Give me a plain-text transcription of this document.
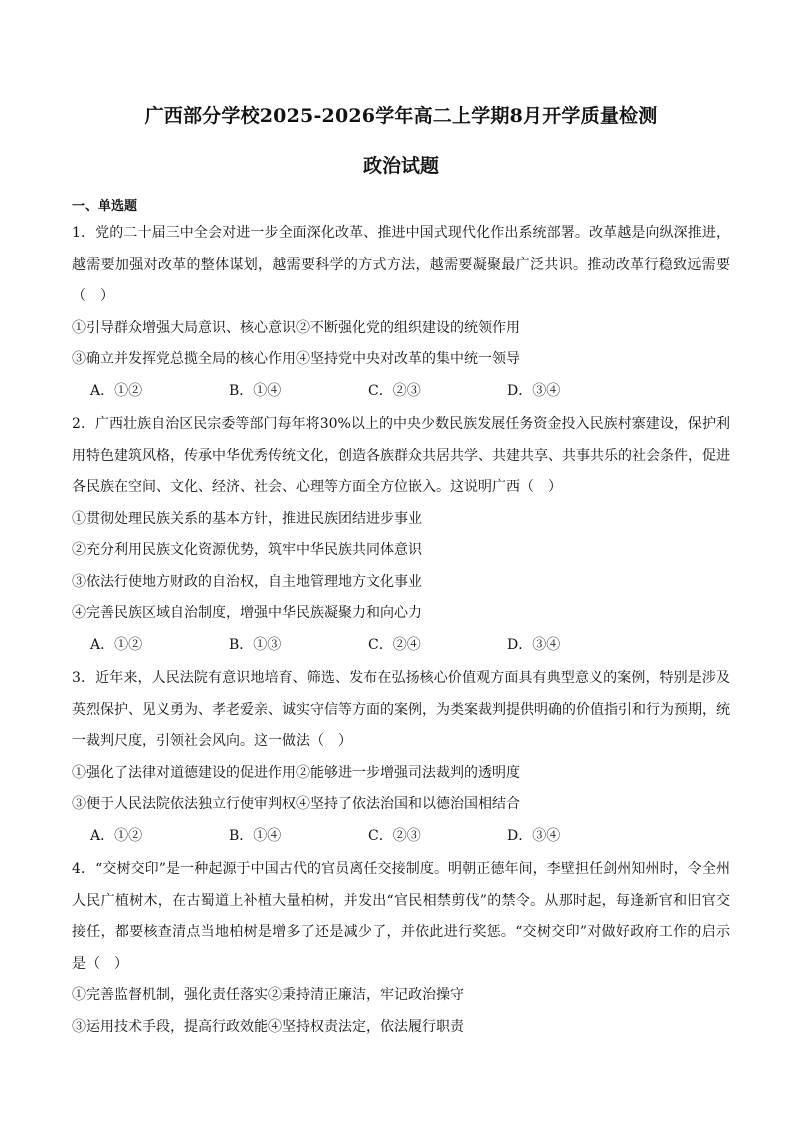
广西部分学校2025-2026学年高二上学期8月开学质量检测
政治试题
一、单选题
1．党的二十届三中全会对进一步全面深化改革、推进中国式现代化作出系统部署。改革越是向纵深推进，越需要加强对改革的整体谋划，越需要科学的方式方法，越需要凝聚最广泛共识。推动改革行稳致远需要（　）
①引导群众增强大局意识、核心意识②不断强化党的组织建设的统领作用
③确立并发挥党总揽全局的核心作用④坚持党中央对改革的集中统一领导
A．①②	B．①④	C．②③	D．③④
2．广西壮族自治区民宗委等部门每年将30%以上的中央少数民族发展任务资金投入民族村寨建设，保护利用特色建筑风格，传承中华优秀传统文化，创造各族群众共居共学、共建共享、共事共乐的社会条件，促进各民族在空间、文化、经济、社会、心理等方面全方位嵌入。这说明广西（　）
①贯彻处理民族关系的基本方针，推进民族团结进步事业
②充分利用民族文化资源优势，筑牢中华民族共同体意识
③依法行使地方财政的自治权，自主地管理地方文化事业
④完善民族区域自治制度，增强中华民族凝聚力和向心力
A．①②	B．①③	C．②④	D．③④
3．近年来，人民法院有意识地培育、筛选、发布在弘扬核心价值观方面具有典型意义的案例，特别是涉及英烈保护、见义勇为、孝老爱亲、诚实守信等方面的案例，为类案裁判提供明确的价值指引和行为预期，统一裁判尺度，引领社会风向。这一做法（　）
①强化了法律对道德建设的促进作用②能够进一步增强司法裁判的透明度
③便于人民法院依法独立行使审判权④坚持了依法治国和以德治国相结合
A．①②	B．①④	C．②③	D．③④
4．“交树交印”是一种起源于中国古代的官员离任交接制度。明朝正德年间，李壁担任剑州知州时，令全州人民广植树木，在古蜀道上补植大量柏树，并发出“官民相禁剪伐”的禁令。从那时起，每逢新官和旧官交接任，都要核查清点当地柏树是增多了还是减少了，并依此进行奖惩。“交树交印”对做好政府工作的启示是（　）
①完善监督机制，强化责任落实②秉持清正廉洁，牢记政治操守
③运用技术手段，提高行政效能④坚持权责法定，依法履行职责
